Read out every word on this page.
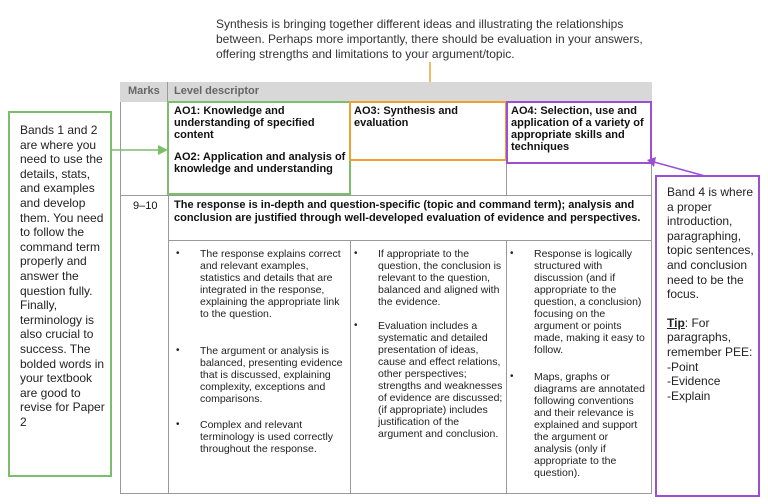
Synthesis is bringing together different ideas and illustrating the relationships between. Perhaps more importantly, there should be evaluation in your answers, offering strengths and limitations to your argument/topic.
Marks	Level descriptor
AO1: Knowledge and understanding of specified content
AO2: Application and analysis of knowledge and understanding
AO3: Synthesis and evaluation
AO4: Selection, use and application of a variety of appropriate skills and techniques
9–10 The response is in-depth and question-specific (topic and command term); analysis and conclusion are justified through well-developed evaluation of evidence and perspectives.
• The response explains correct and relevant examples, statistics and details that are integrated in the response, explaining the appropriate link to the question.
• The argument or analysis is balanced, presenting evidence that is discussed, explaining complexity, exceptions and comparisons.
• Complex and relevant terminology is used correctly throughout the response.
• If appropriate to the question, the conclusion is relevant to the question, balanced and aligned with the evidence.
• Evaluation includes a systematic and detailed presentation of ideas, cause and effect relations, other perspectives; strengths and weaknesses of evidence are discussed; (if appropriate) includes justification of the argument and conclusion.
• Response is logically structured with discussion (and if appropriate to the question, a conclusion) focusing on the argument or points made, making it easy to follow.
• Maps, graphs or diagrams are annotated following conventions and their relevance is explained and support the argument or analysis (only if appropriate to the question).
Bands 1 and 2 are where you need to use the details, stats, and examples and develop them. You need to follow the command term properly and answer the question fully. Finally, terminology is also crucial to success. The bolded words in your textbook are good to revise for Paper 2
Band 4 is where a proper introduction, paragraphing, topic sentences, and conclusion need to be the focus.
Tip: For paragraphs, remember PEE:
-Point
-Evidence
-Explain
